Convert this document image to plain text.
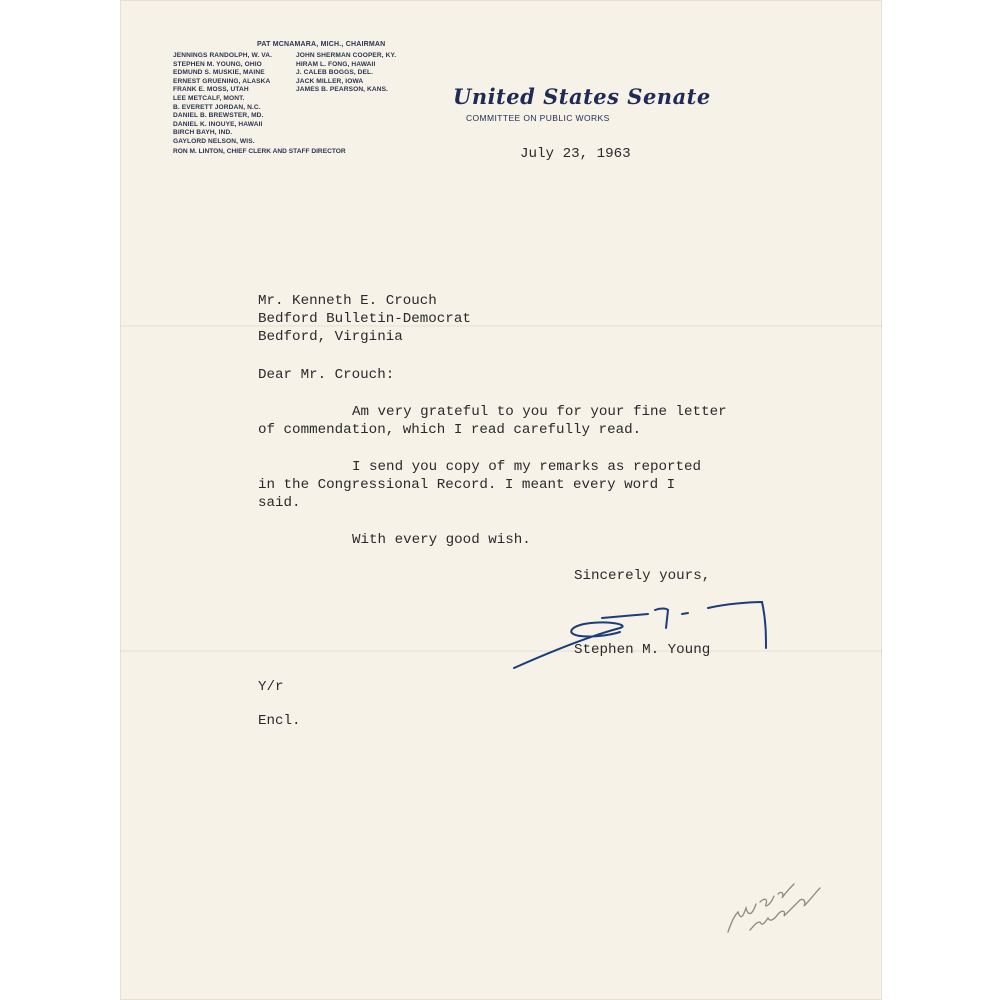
PAT MCNAMARA, MICH., CHAIRMAN
JENNINGS RANDOLPH, W. VA.
STEPHEN M. YOUNG, OHIO
EDMUND S. MUSKIE, MAINE
ERNEST GRUENING, ALASKA
FRANK E. MOSS, UTAH
LEE METCALF, MONT.
B. EVERETT JORDAN, N.C.
DANIEL B. BREWSTER, MD.
DANIEL K. INOUYE, HAWAII
BIRCH BAYH, IND.
GAYLORD NELSON, WIS.
JOHN SHERMAN COOPER, KY.
HIRAM L. FONG, HAWAII
J. CALEB BOGGS, DEL.
JACK MILLER, IOWA
JAMES B. PEARSON, KANS.
RON M. LINTON, CHIEF CLERK AND STAFF DIRECTOR
United States Senate
COMMITTEE ON PUBLIC WORKS
July 23, 1963
Mr. Kenneth E. Crouch
Bedford Bulletin-Democrat
Bedford, Virginia
Dear Mr. Crouch:
Am very grateful to you for your fine letter
of commendation, which I read carefully read.
I send you copy of my remarks as reported
in the Congressional Record. I meant every word I
said.
With every good wish.
Sincerely yours,
Stephen M. Young
Y/r
Encl.
